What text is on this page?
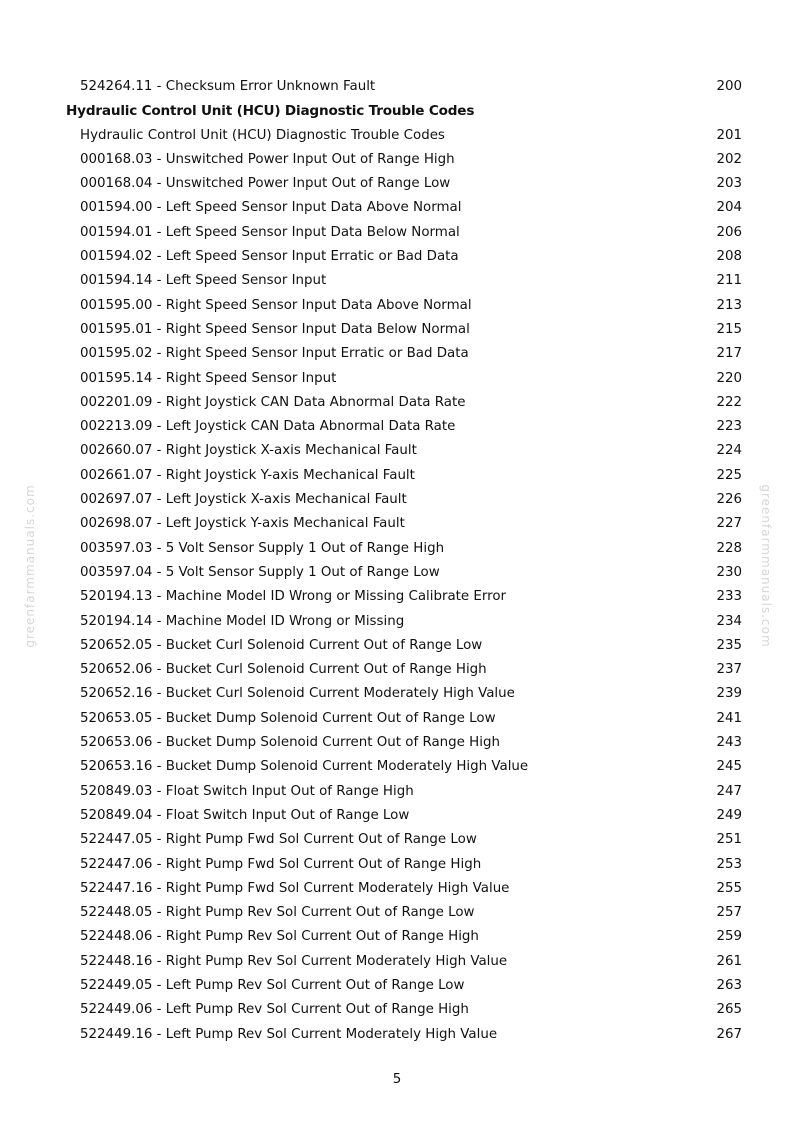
524264.11 - Checksum Error Unknown Fault	200
Hydraulic Control Unit (HCU) Diagnostic Trouble Codes
Hydraulic Control Unit (HCU) Diagnostic Trouble Codes	201
000168.03 - Unswitched Power Input Out of Range High	202
000168.04 - Unswitched Power Input Out of Range Low	203
001594.00 - Left Speed Sensor Input Data Above Normal	204
001594.01 - Left Speed Sensor Input Data Below Normal	206
001594.02 - Left Speed Sensor Input Erratic or Bad Data	208
001594.14 - Left Speed Sensor Input	211
001595.00 - Right Speed Sensor Input Data Above Normal	213
001595.01 - Right Speed Sensor Input Data Below Normal	215
001595.02 - Right Speed Sensor Input Erratic or Bad Data	217
001595.14 - Right Speed Sensor Input	220
002201.09 - Right Joystick CAN Data Abnormal Data Rate	222
002213.09 - Left Joystick CAN Data Abnormal Data Rate	223
002660.07 - Right Joystick X-axis Mechanical Fault	224
002661.07 - Right Joystick Y-axis Mechanical Fault	225
002697.07 - Left Joystick X-axis Mechanical Fault	226
002698.07 - Left Joystick Y-axis Mechanical Fault	227
003597.03 - 5 Volt Sensor Supply 1 Out of Range High	228
003597.04 - 5 Volt Sensor Supply 1 Out of Range Low	230
520194.13 - Machine Model ID Wrong or Missing Calibrate Error	233
520194.14 - Machine Model ID Wrong or Missing	234
520652.05 - Bucket Curl Solenoid Current Out of Range Low	235
520652.06 - Bucket Curl Solenoid Current Out of Range High	237
520652.16 - Bucket Curl Solenoid Current Moderately High Value	239
520653.05 - Bucket Dump Solenoid Current Out of Range Low	241
520653.06 - Bucket Dump Solenoid Current Out of Range High	243
520653.16 - Bucket Dump Solenoid Current Moderately High Value	245
520849.03 - Float Switch Input Out of Range High	247
520849.04 - Float Switch Input Out of Range Low	249
522447.05 - Right Pump Fwd Sol Current Out of Range Low	251
522447.06 - Right Pump Fwd Sol Current Out of Range High	253
522447.16 - Right Pump Fwd Sol Current Moderately High Value	255
522448.05 - Right Pump Rev Sol Current Out of Range Low	257
522448.06 - Right Pump Rev Sol Current Out of Range High	259
522448.16 - Right Pump Rev Sol Current Moderately High Value	261
522449.05 - Left Pump Rev Sol Current Out of Range Low	263
522449.06 - Left Pump Rev Sol Current Out of Range High	265
522449.16 - Left Pump Rev Sol Current Moderately High Value	267
5
greenfarmmanuals.com	greenfarmmanuals.com
